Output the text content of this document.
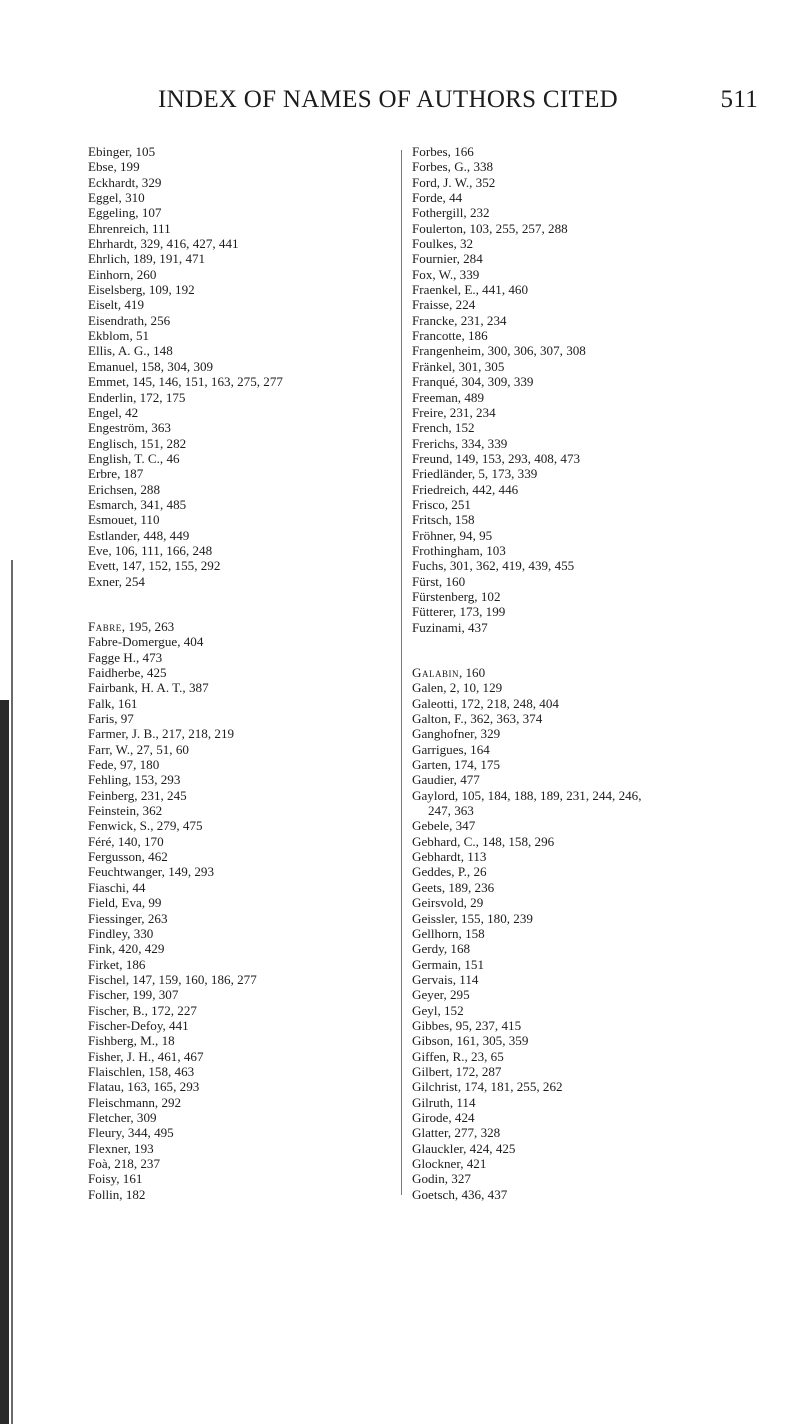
INDEX OF NAMES OF AUTHORS CITED	511
Ebinger, 105
Ebse, 199
Eckhardt, 329
Eggel, 310
Eggeling, 107
Ehrenreich, 111
Ehrhardt, 329, 416, 427, 441
Ehrlich, 189, 191, 471
Einhorn, 260
Eiselsberg, 109, 192
Eiselt, 419
Eisendrath, 256
Ekblom, 51
Ellis, A. G., 148
Emanuel, 158, 304, 309
Emmet, 145, 146, 151, 163, 275, 277
Enderlin, 172, 175
Engel, 42
Engeström, 363
Englisch, 151, 282
English, T. C., 46
Erbre, 187
Erichsen, 288
Esmarch, 341, 485
Esmouet, 110
Estlander, 448, 449
Eve, 106, 111, 166, 248
Evett, 147, 152, 155, 292
Exner, 254
Fabre, 195, 263
Fabre-Domergue, 404
Fagge H., 473
Faidherbe, 425
Fairbank, H. A. T., 387
Falk, 161
Faris, 97
Farmer, J. B., 217, 218, 219
Farr, W., 27, 51, 60
Fede, 97, 180
Fehling, 153, 293
Feinberg, 231, 245
Feinstein, 362
Fenwick, S., 279, 475
Féré, 140, 170
Fergusson, 462
Feuchtwanger, 149, 293
Fiaschi, 44
Field, Eva, 99
Fiessinger, 263
Findley, 330
Fink, 420, 429
Firket, 186
Fischel, 147, 159, 160, 186, 277
Fischer, 199, 307
Fischer, B., 172, 227
Fischer-Defoy, 441
Fishberg, M., 18
Fisher, J. H., 461, 467
Flaischlen, 158, 463
Flatau, 163, 165, 293
Fleischmann, 292
Fletcher, 309
Fleury, 344, 495
Flexner, 193
Foà, 218, 237
Foisy, 161
Follin, 182
Forbes, 166
Forbes, G., 338
Ford, J. W., 352
Forde, 44
Fothergill, 232
Foulerton, 103, 255, 257, 288
Foulkes, 32
Fournier, 284
Fox, W., 339
Fraenkel, E., 441, 460
Fraisse, 224
Francke, 231, 234
Francotte, 186
Frangenheim, 300, 306, 307, 308
Fränkel, 301, 305
Franqué, 304, 309, 339
Freeman, 489
Freire, 231, 234
French, 152
Frerichs, 334, 339
Freund, 149, 153, 293, 408, 473
Friedländer, 5, 173, 339
Friedreich, 442, 446
Frisco, 251
Fritsch, 158
Fröhner, 94, 95
Frothingham, 103
Fuchs, 301, 362, 419, 439, 455
Fürst, 160
Fürstenberg, 102
Fütterer, 173, 199
Fuzinami, 437
Galabin, 160
Galen, 2, 10, 129
Galeotti, 172, 218, 248, 404
Galton, F., 362, 363, 374
Ganghofner, 329
Garrigues, 164
Garten, 174, 175
Gaudier, 477
Gaylord, 105, 184, 188, 189, 231, 244, 246,
247, 363
Gebele, 347
Gebhard, C., 148, 158, 296
Gebhardt, 113
Geddes, P., 26
Geets, 189, 236
Geirsvold, 29
Geissler, 155, 180, 239
Gellhorn, 158
Gerdy, 168
Germain, 151
Gervais, 114
Geyer, 295
Geyl, 152
Gibbes, 95, 237, 415
Gibson, 161, 305, 359
Giffen, R., 23, 65
Gilbert, 172, 287
Gilchrist, 174, 181, 255, 262
Gilruth, 114
Girode, 424
Glatter, 277, 328
Glauckler, 424, 425
Glockner, 421
Godin, 327
Goetsch, 436, 437
